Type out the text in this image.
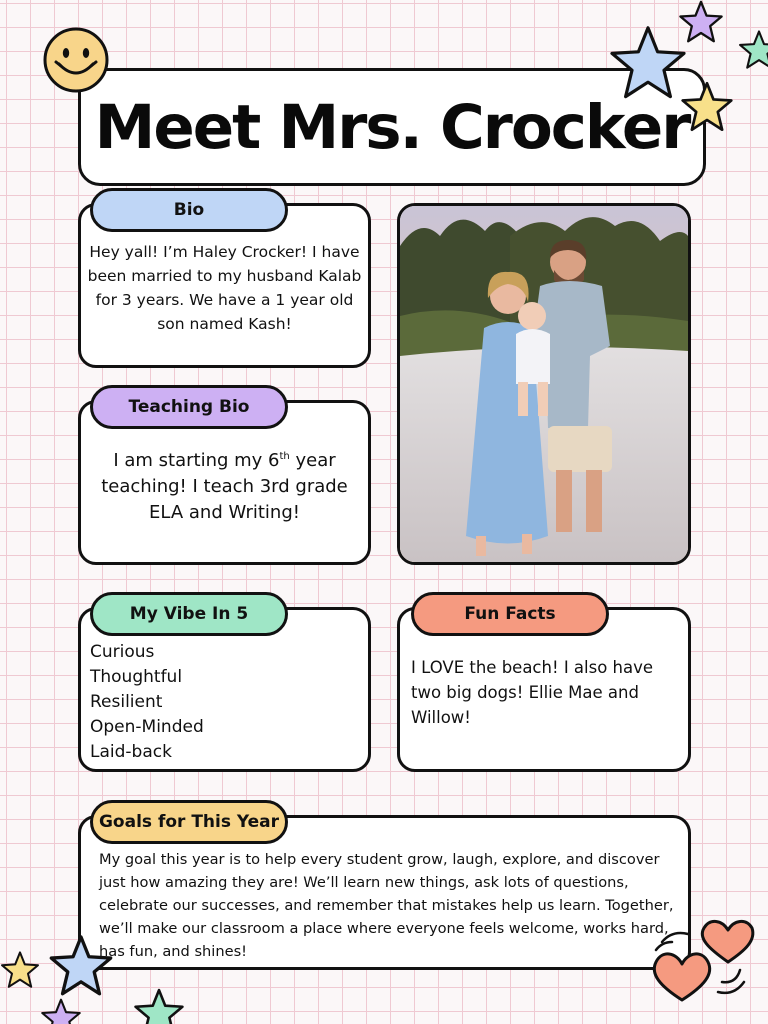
Meet Mrs. Crocker
Bio

Hey yall! I’m Haley Crocker! I have been married to my husband Kalab for 3 years. We have a 1 year old son named Kash!

Teaching Bio

I am starting my 6th year teaching! I teach 3rd grade ELA and Writing!

My Vibe In 5
Curious
Thoughtful
Resilient
Open-Minded
Laid-back
Fun Facts

I LOVE the beach! I also have two big dogs! Ellie Mae and Willow!

Goals for This Year

My goal this year is to help every student grow, laugh, explore, and discover just how amazing they are! We’ll learn new things, ask lots of questions, celebrate our successes, and remember that mistakes help us learn. Together, we’ll make our classroom a place where everyone feels welcome, works hard, has fun, and shines!
